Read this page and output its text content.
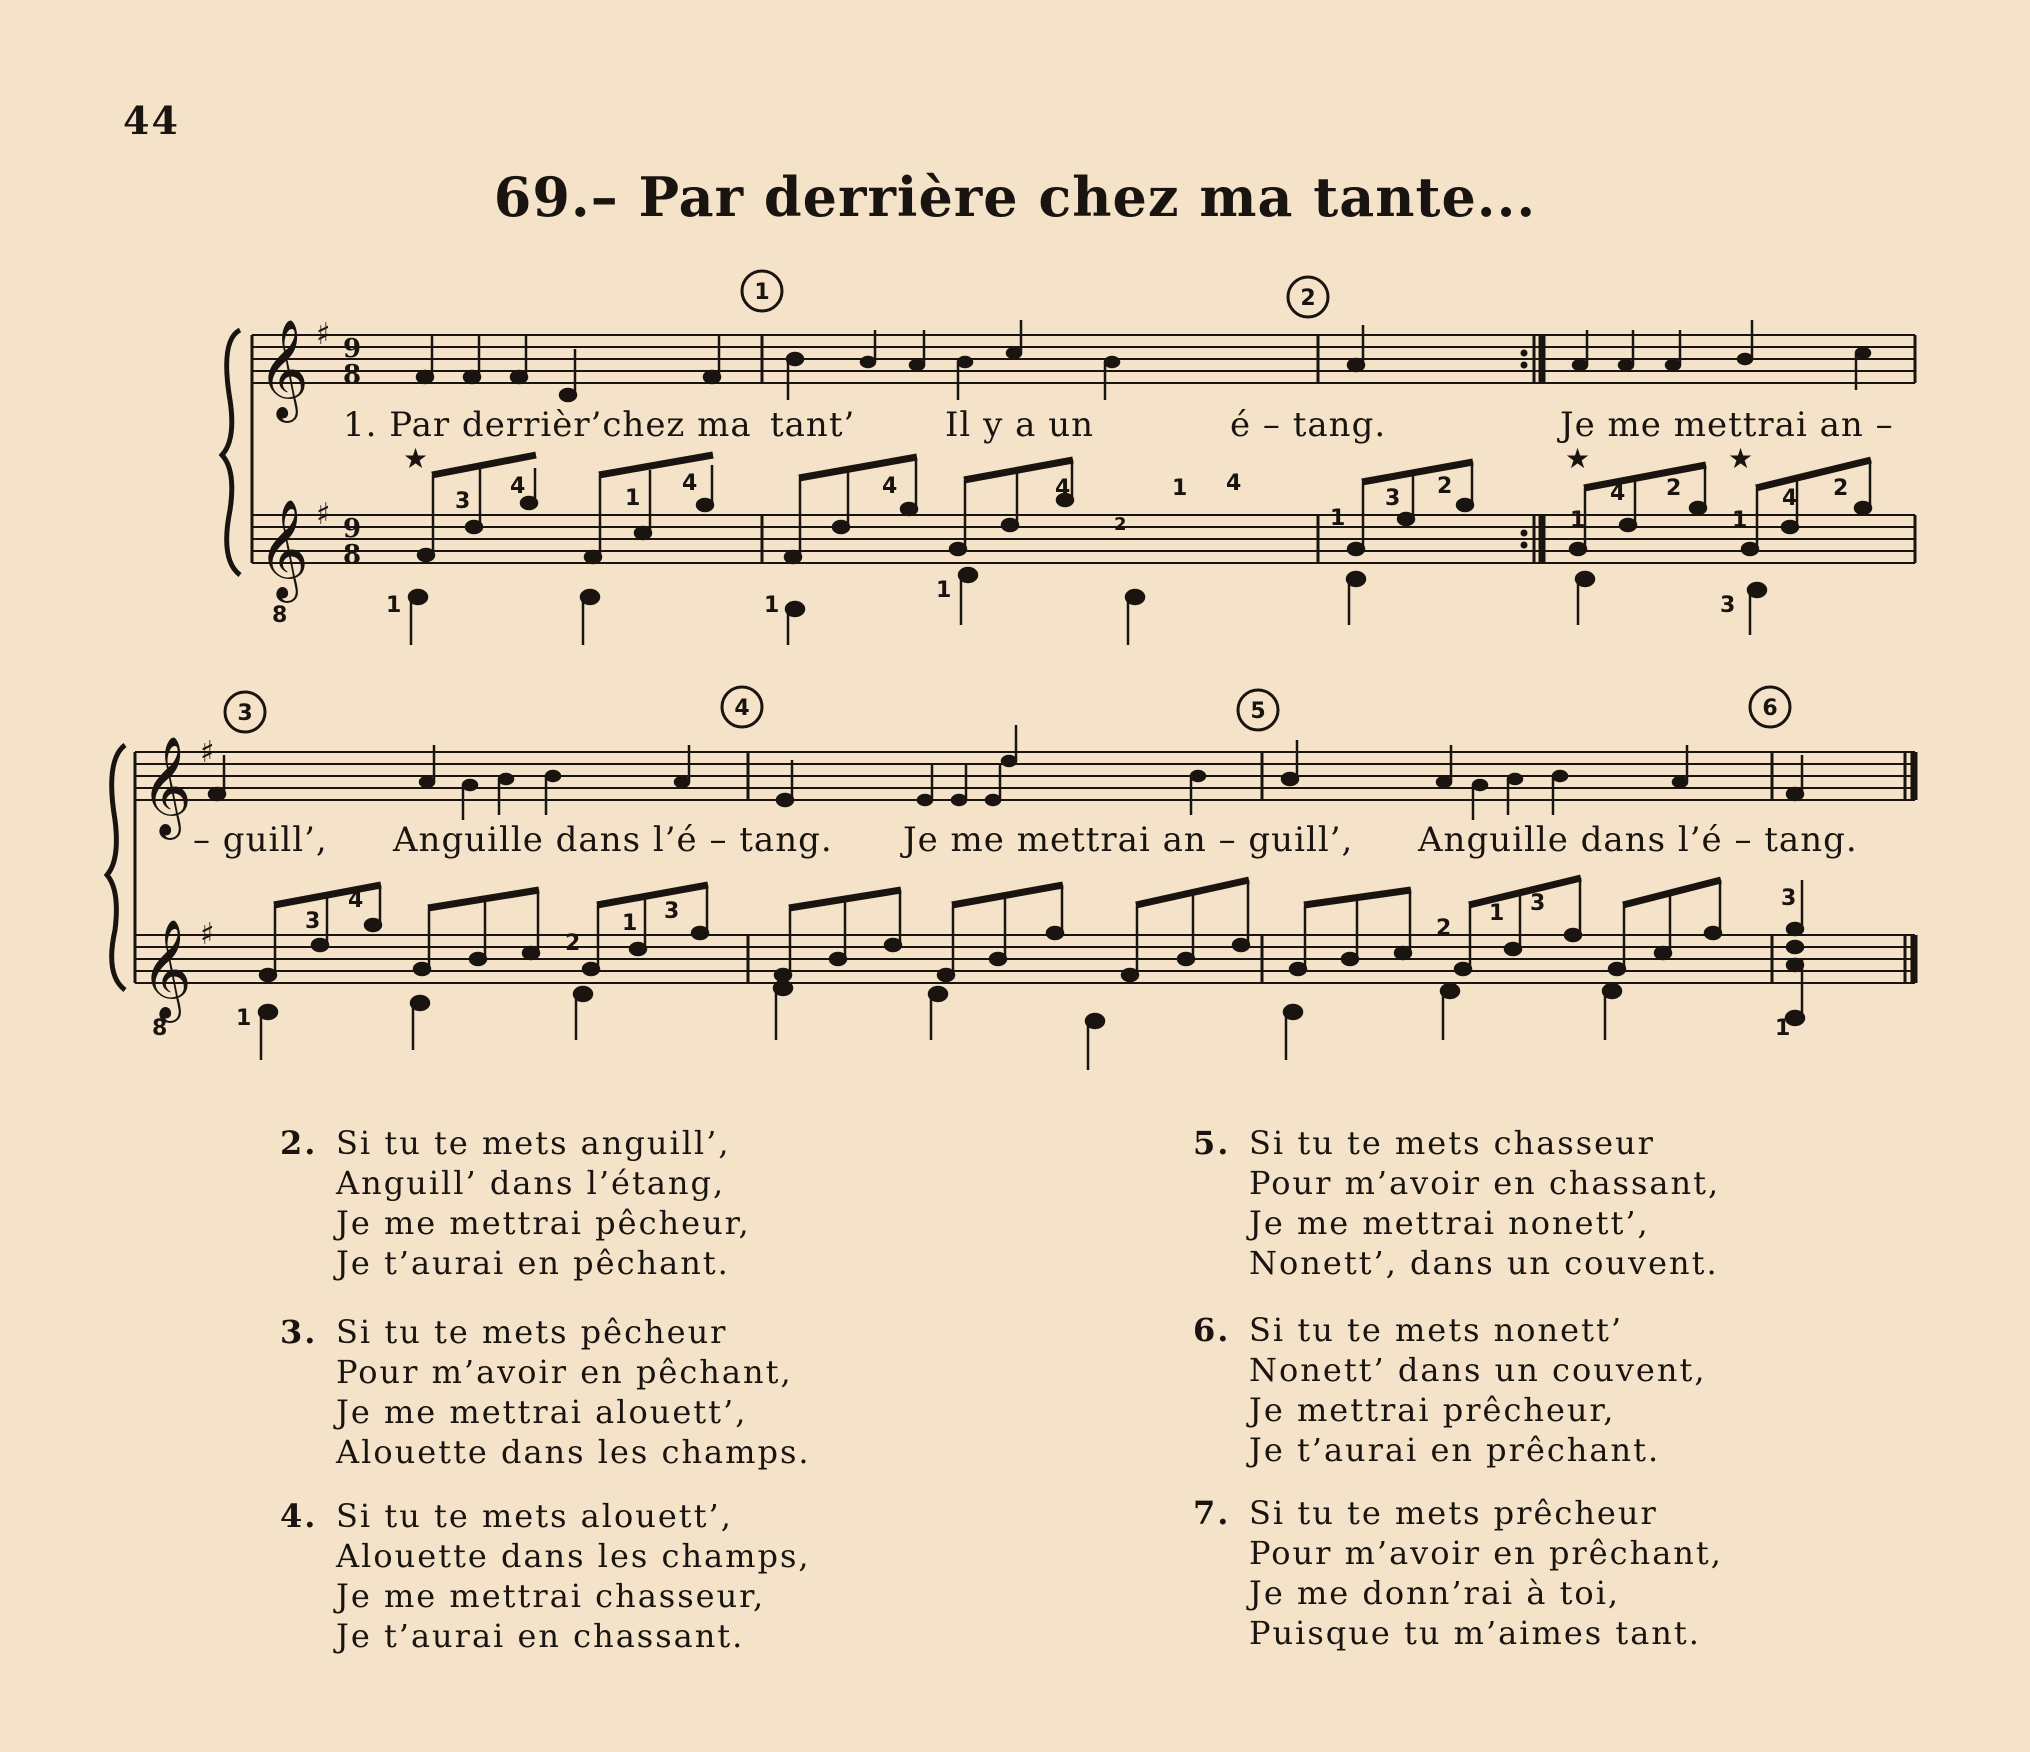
44
69.– Par derrière chez ma tante...
𝄞
𝄞
𝄞
𝄞
♯
♯
♯
♯
9
8
9
8
3
4	1
4	4	4	1 4
1
3 2
1
4 2
1
4 2
2
1	1
1
3
3
4
2
1 3
2
1 3	3
1	1
★	★	★
1	2
3	4	5	6
8
8
1. Par derrièr’chez ma tant’	Il y a un	é – tang.	Je me mettrai an –
– guill’, Anguille dans l’é – tang. Je me mettrai an – guill’, Anguille dans l’é – tang.
2. Si tu te mets anguill’,
Anguill’ dans l’étang,
Je me mettrai pêcheur,
Je t’aurai en pêchant.
3. Si tu te mets pêcheur
Pour m’avoir en pêchant,
Je me mettrai alouett’,
Alouette dans les champs.
4. Si tu te mets alouett’,
Alouette dans les champs,
Je me mettrai chasseur,
Je t’aurai en chassant.
5. Si tu te mets chasseur
Pour m’avoir en chassant,
Je me mettrai nonett’,
Nonett’, dans un couvent.
6. Si tu te mets nonett’
Nonett’ dans un couvent,
Je mettrai prêcheur,
Je t’aurai en prêchant.
7. Si tu te mets prêcheur
Pour m’avoir en prêchant,
Je me donn’rai à toi,
Puisque tu m’aimes tant.
